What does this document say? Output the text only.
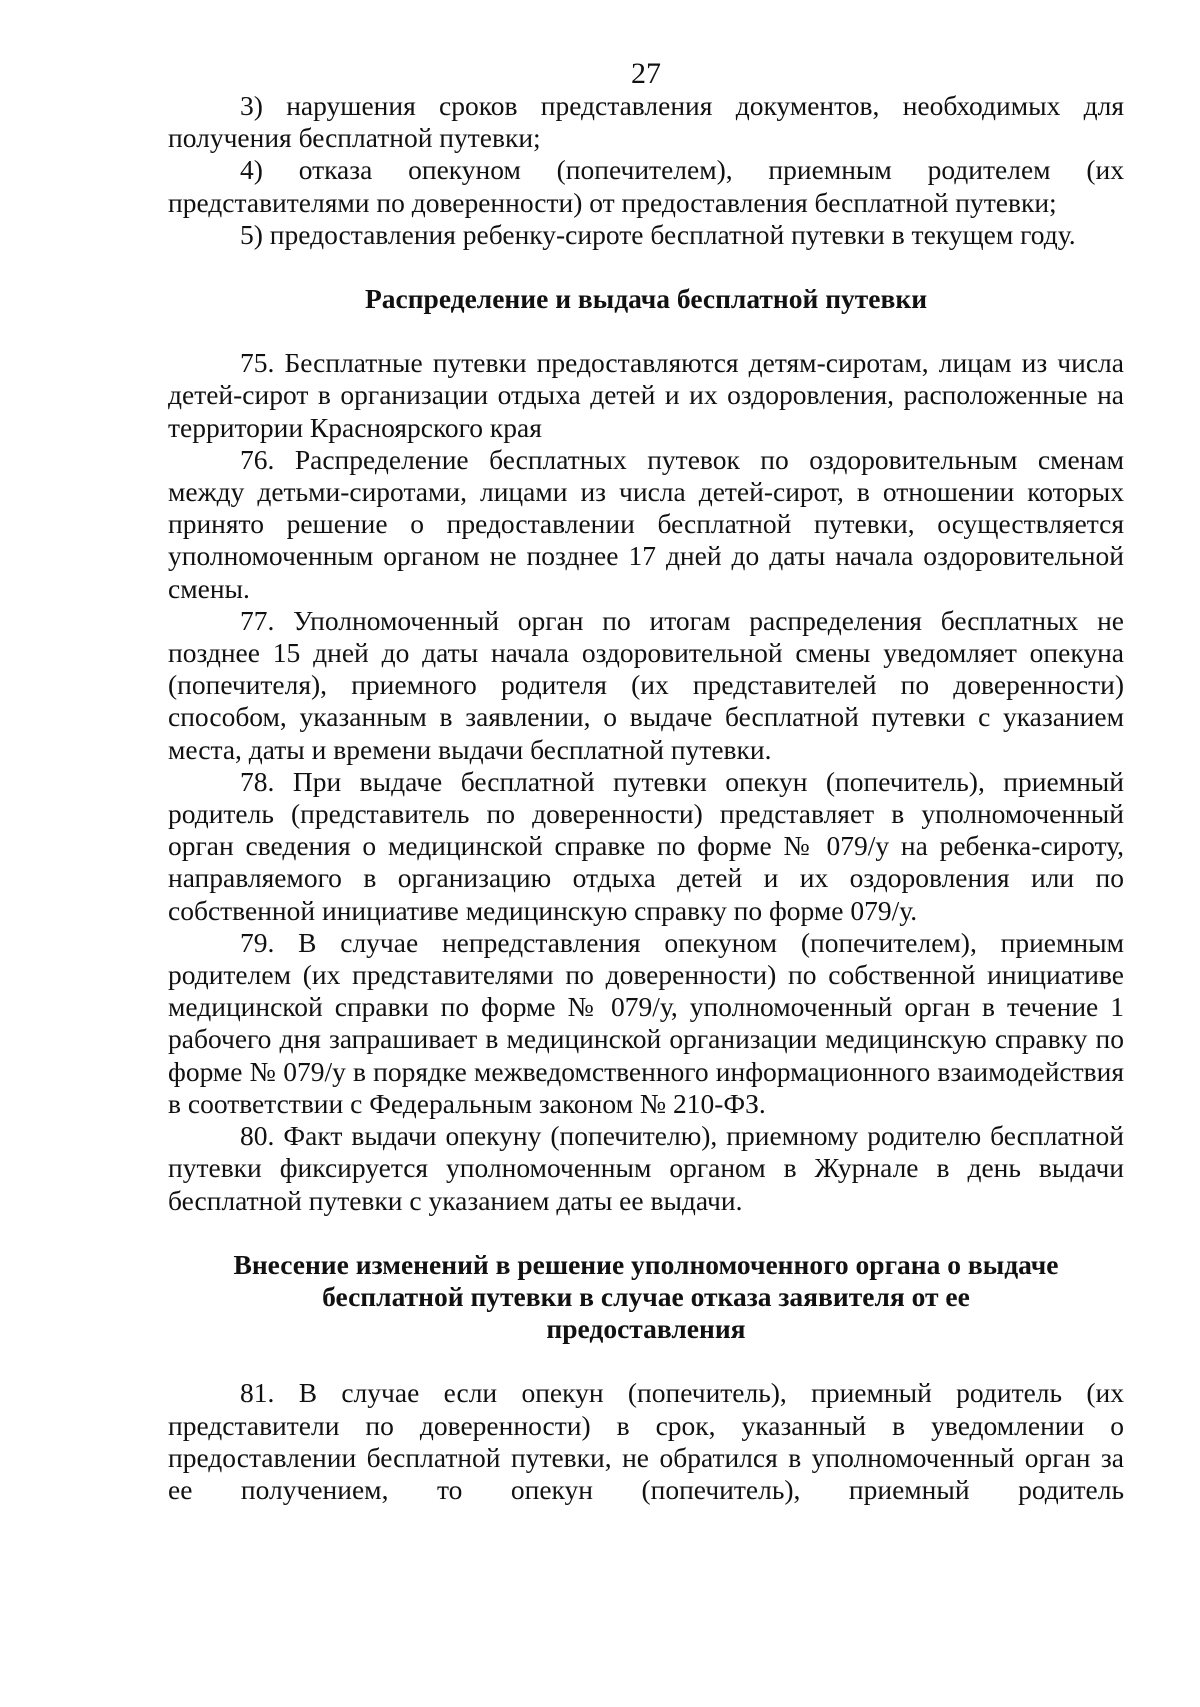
27

3) нарушения сроков представления документов, необходимых для получения бесплатной путевки;

4) отказа опекуном (попечителем), приемным родителем (их представителями по доверенности) от предоставления бесплатной путевки;

5) предоставления ребенку-сироте бесплатной путевки в текущем году.

Распределение и выдача бесплатной путевки

75. Бесплатные путевки предоставляются детям-сиротам, лицам из числа детей-сирот в организации отдыха детей и их оздоровления, расположенные на территории Красноярского края

76. Распределение бесплатных путевок по оздоровительным сменам между детьми-сиротами, лицами из числа детей-сирот, в отношении которых принято решение о предоставлении бесплатной путевки, осуществляется уполномоченным органом не позднее 17 дней до даты начала оздоровительной смены.

77. Уполномоченный орган по итогам распределения бесплатных не позднее 15 дней до даты начала оздоровительной смены уведомляет опекуна (попечителя), приемного родителя (их представителей по доверенности) способом, указанным в заявлении, о выдаче бесплатной путевки с указанием места, даты и времени выдачи бесплатной путевки.

78. При выдаче бесплатной путевки опекун (попечитель), приемный родитель (представитель по доверенности) представляет в уполномоченный орган сведения о медицинской справке по форме № 079/у на ребенка-сироту, направляемого в организацию отдыха детей и их оздоровления или по собственной инициативе медицинскую справку по форме 079/у.

79. В случае непредставления опекуном (попечителем), приемным родителем (их представителями по доверенности) по собственной инициативе медицинской справки по форме № 079/у, уполномоченный орган в течение 1 рабочего дня запрашивает в медицинской организации медицинскую справку по форме № 079/у в порядке межведомственного информационного взаимодействия в соответствии с Федеральным законом № 210-ФЗ.

80. Факт выдачи опекуну (попечителю), приемному родителю бесплатной путевки фиксируется уполномоченным органом в Журнале в день выдачи бесплатной путевки с указанием даты ее выдачи.

Внесение изменений в решение уполномоченного органа о выдаче
бесплатной путевки в случае отказа заявителя от ее
предоставления

81. В случае если опекун (попечитель), приемный родитель (их представители по доверенности) в срок, указанный в уведомлении о предоставлении бесплатной путевки, не обратился в уполномоченный орган за ее получением, то опекун (попечитель), приемный родитель
